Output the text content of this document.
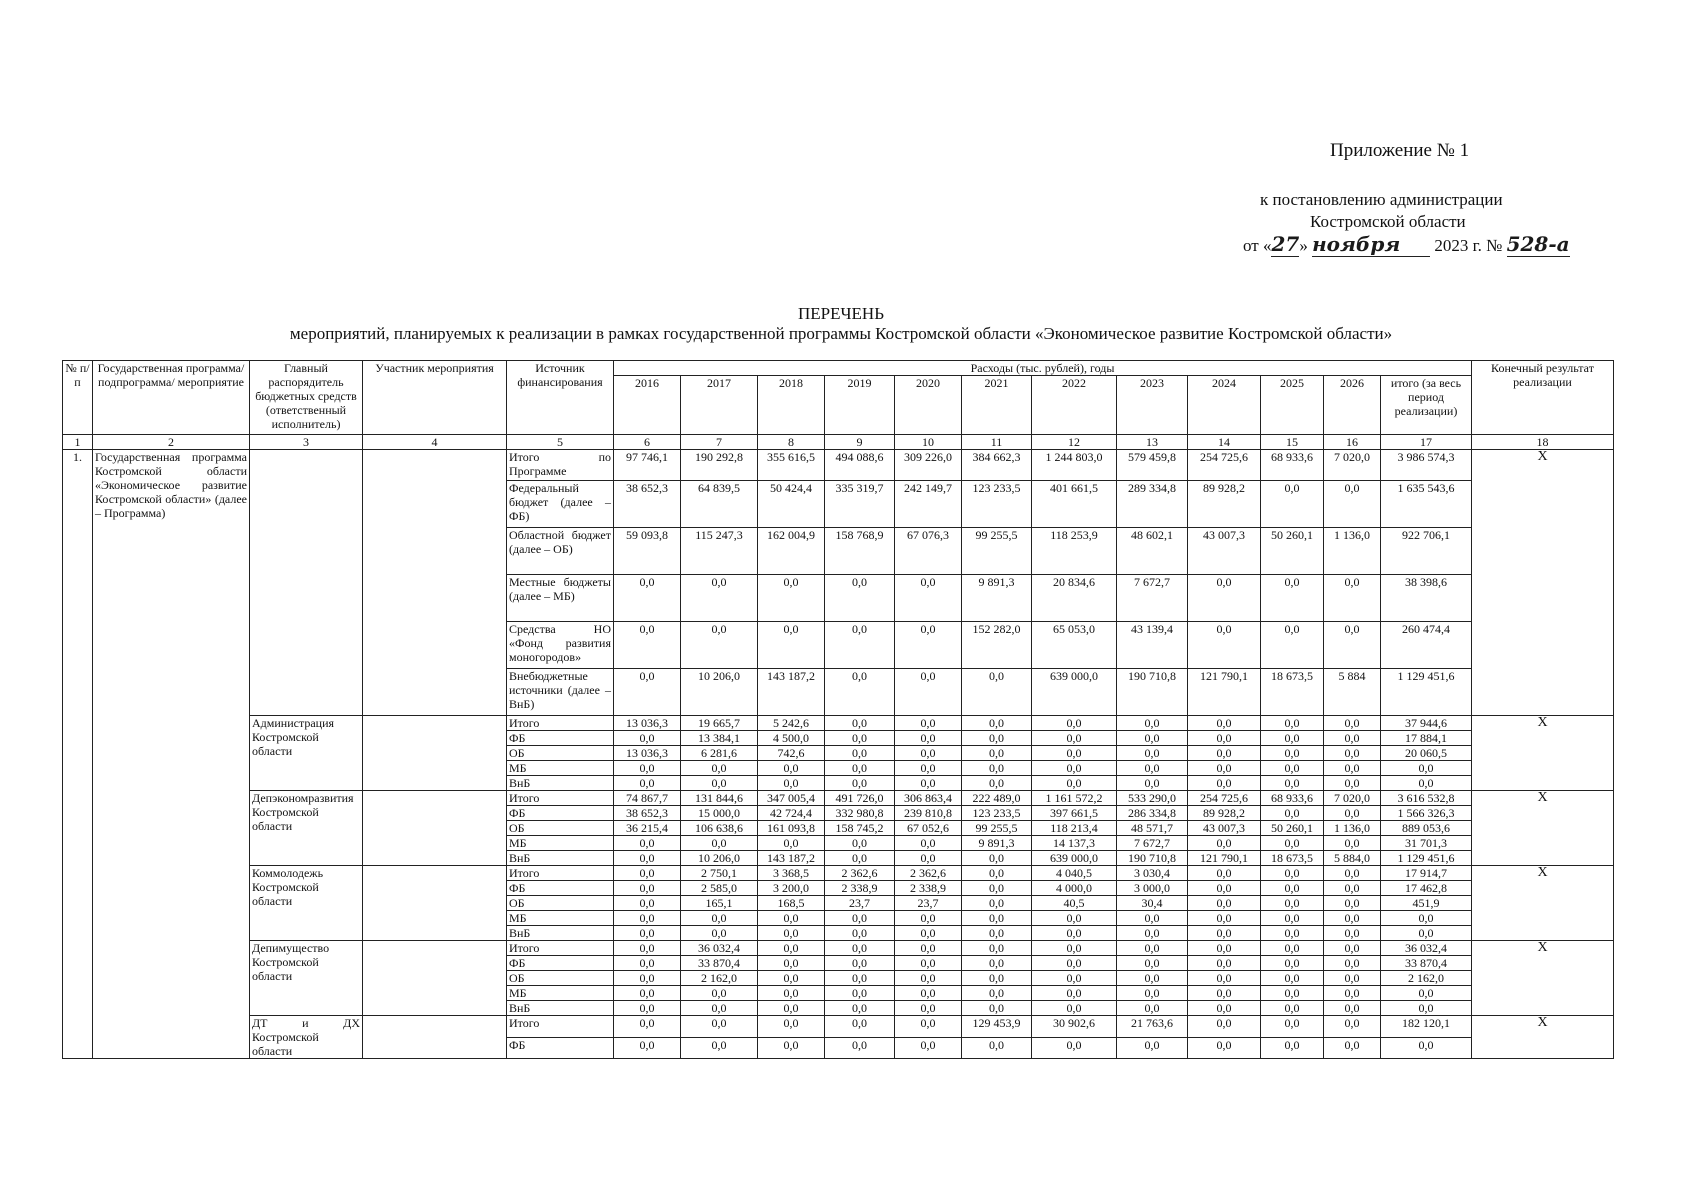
Приложение № 1
к постановлению администрации
Костромской области
от «27» ноября 2023 г. № 528-а
ПЕРЕЧЕНЬ
мероприятий, планируемых к реализации в рамках государственной программы Костромской области «Экономическое развитие Костромской области»
№ п/п	Государственная программа/подпрограмма/ мероприятие	Главный распорядитель бюджетных средств (ответственный исполнитель)	Участник мероприятия	Источник финансирования	Расходы (тыс. рублей), годы												Конечный результат реализации
					2016	2017	2018	2019	2020	2021	2022	2023	2024	2025	2026	итого (за весь период реализации)	
1	2	3	4	5	6	7	8	9	10	11	12	13	14	15	16	17	18
1.	Государственная программа Костромской области «Экономическое развитие Костромской области» (далее – Программа)			Итого по Программе	97 746,1	190 292,8	355 616,5	494 088,6	309 226,0	384 662,3	1 244 803,0	579 459,8	254 725,6	68 933,6	7 020,0	3 986 574,3	Х
				Федеральный бюджет (далее – ФБ)	38 652,3	64 839,5	50 424,4	335 319,7	242 149,7	123 233,5	401 661,5	289 334,8	89 928,2	0,0	0,0	1 635 543,6	
				Областной бюджет (далее – ОБ)	59 093,8	115 247,3	162 004,9	158 768,9	67 076,3	99 255,5	118 253,9	48 602,1	43 007,3	50 260,1	1 136,0	922 706,1	
				Местные бюджеты (далее – МБ)	0,0	0,0	0,0	0,0	0,0	9 891,3	20 834,6	7 672,7	0,0	0,0	0,0	38 398,6	
				Средства НО «Фонд развития моногородов»	0,0	0,0	0,0	0,0	0,0	152 282,0	65 053,0	43 139,4	0,0	0,0	0,0	260 474,4	
				Внебюджетные источники (далее – ВнБ)	0,0	10 206,0	143 187,2	0,0	0,0	0,0	639 000,0	190 710,8	121 790,1	18 673,5	5 884	1 129 451,6	
		Администрация Костромской области		Итого	13 036,3	19 665,7	5 242,6	0,0	0,0	0,0	0,0	0,0	0,0	0,0	0,0	37 944,6	Х
				ФБ	0,0	13 384,1	4 500,0	0,0	0,0	0,0	0,0	0,0	0,0	0,0	0,0	17 884,1	
				ОБ	13 036,3	6 281,6	742,6	0,0	0,0	0,0	0,0	0,0	0,0	0,0	0,0	20 060,5	
				МБ	0,0	0,0	0,0	0,0	0,0	0,0	0,0	0,0	0,0	0,0	0,0	0,0	
				ВнБ	0,0	0,0	0,0	0,0	0,0	0,0	0,0	0,0	0,0	0,0	0,0	0,0	
		Депэкономразвития Костромской области		Итого	74 867,7	131 844,6	347 005,4	491 726,0	306 863,4	222 489,0	1 161 572,2	533 290,0	254 725,6	68 933,6	7 020,0	3 616 532,8	Х
				ФБ	38 652,3	15 000,0	42 724,4	332 980,8	239 810,8	123 233,5	397 661,5	286 334,8	89 928,2	0,0	0,0	1 566 326,3	
				ОБ	36 215,4	106 638,6	161 093,8	158 745,2	67 052,6	99 255,5	118 213,4	48 571,7	43 007,3	50 260,1	1 136,0	889 053,6	
				МБ	0,0	0,0	0,0	0,0	0,0	9 891,3	14 137,3	7 672,7	0,0	0,0	0,0	31 701,3	
				ВнБ	0,0	10 206,0	143 187,2	0,0	0,0	0,0	639 000,0	190 710,8	121 790,1	18 673,5	5 884,0	1 129 451,6	
		Коммолодежь Костромской области		Итого	0,0	2 750,1	3 368,5	2 362,6	2 362,6	0,0	4 040,5	3 030,4	0,0	0,0	0,0	17 914,7	Х
				ФБ	0,0	2 585,0	3 200,0	2 338,9	2 338,9	0,0	4 000,0	3 000,0	0,0	0,0	0,0	17 462,8	
				ОБ	0,0	165,1	168,5	23,7	23,7	0,0	40,5	30,4	0,0	0,0	0,0	451,9	
				МБ	0,0	0,0	0,0	0,0	0,0	0,0	0,0	0,0	0,0	0,0	0,0	0,0	
				ВнБ	0,0	0,0	0,0	0,0	0,0	0,0	0,0	0,0	0,0	0,0	0,0	0,0	
		Депимущество Костромской области		Итого	0,0	36 032,4	0,0	0,0	0,0	0,0	0,0	0,0	0,0	0,0	0,0	36 032,4	Х
				ФБ	0,0	33 870,4	0,0	0,0	0,0	0,0	0,0	0,0	0,0	0,0	0,0	33 870,4	
				ОБ	0,0	2 162,0	0,0	0,0	0,0	0,0	0,0	0,0	0,0	0,0	0,0	2 162,0	
				МБ	0,0	0,0	0,0	0,0	0,0	0,0	0,0	0,0	0,0	0,0	0,0	0,0	
				ВнБ	0,0	0,0	0,0	0,0	0,0	0,0	0,0	0,0	0,0	0,0	0,0	0,0	
		ДТ и ДХ Костромской области		Итого	0,0	0,0	0,0	0,0	0,0	129 453,9	30 902,6	21 763,6	0,0	0,0	0,0	182 120,1	Х
				ФБ	0,0	0,0	0,0	0,0	0,0	0,0	0,0	0,0	0,0	0,0	0,0	0,0	
